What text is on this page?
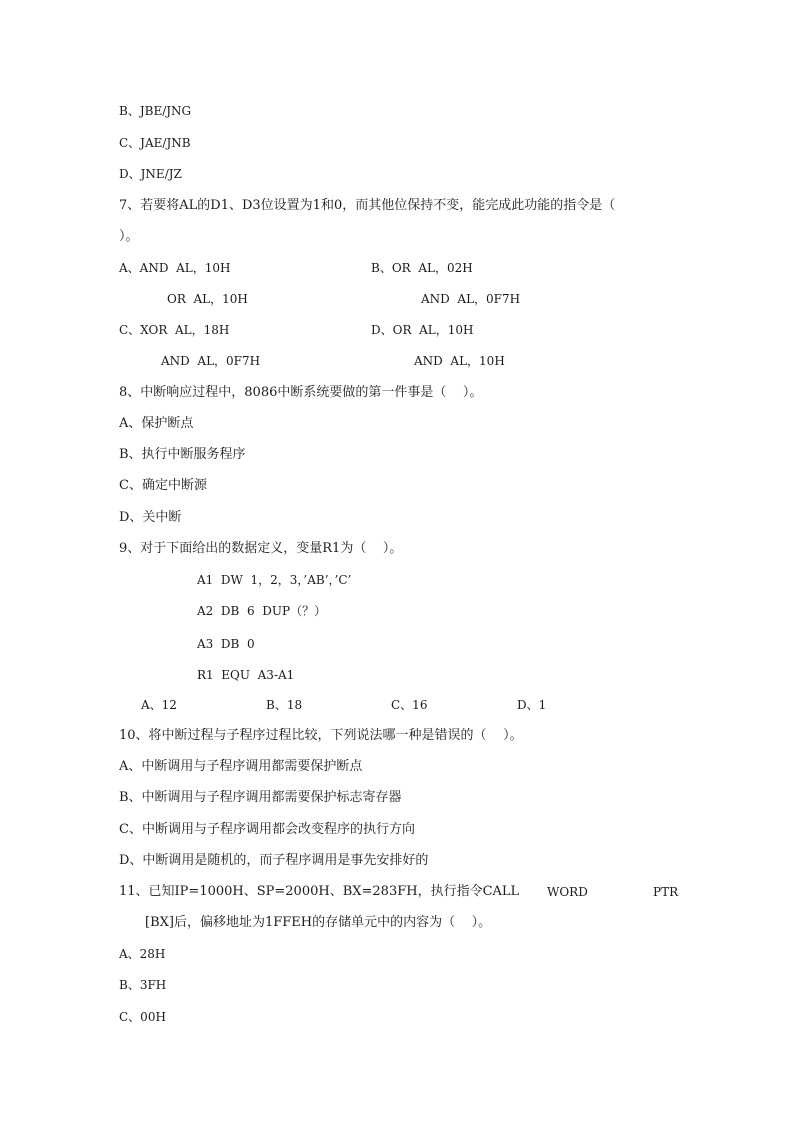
B、JBE/JNG
C、JAE/JNB
D、JNE/JZ
7、若要将AL的D1、D3位设置为1和0，而其他位保持不变，能完成此功能的指令是（
）。
A、AND  AL，10H	B、OR  AL，02H
OR  AL，10H	AND  AL，0F7H
C、XOR  AL，18H	D、OR  AL，10H
AND  AL，0F7H	AND  AL，10H
8、中断响应过程中，8086中断系统要做的第一件事是（    ）。
A、保护断点
B、执行中断服务程序
C、确定中断源
D、关中断
9、对于下面给出的数据定义，变量R1为（    ）。
A1  DW  1，2，3，’AB’，’C’
A2  DB  6  DUP（？）
A3  DB  0
R1  EQU  A3-A1
A、12	B、18	C、16	D、1
10、将中断过程与子程序过程比较，下列说法哪一种是错误的（    ）。
A、中断调用与子程序调用都需要保护断点
B、中断调用与子程序调用都需要保护标志寄存器
C、中断调用与子程序调用都会改变程序的执行方向
D、中断调用是随机的，而子程序调用是事先安排好的
11、已知IP=1000H、SP=2000H、BX=283FH，执行指令CALL WORD	PTR
[BX]后，偏移地址为1FFEH的存储单元中的内容为（    ）。
A、28H
B、3FH
C、00H
